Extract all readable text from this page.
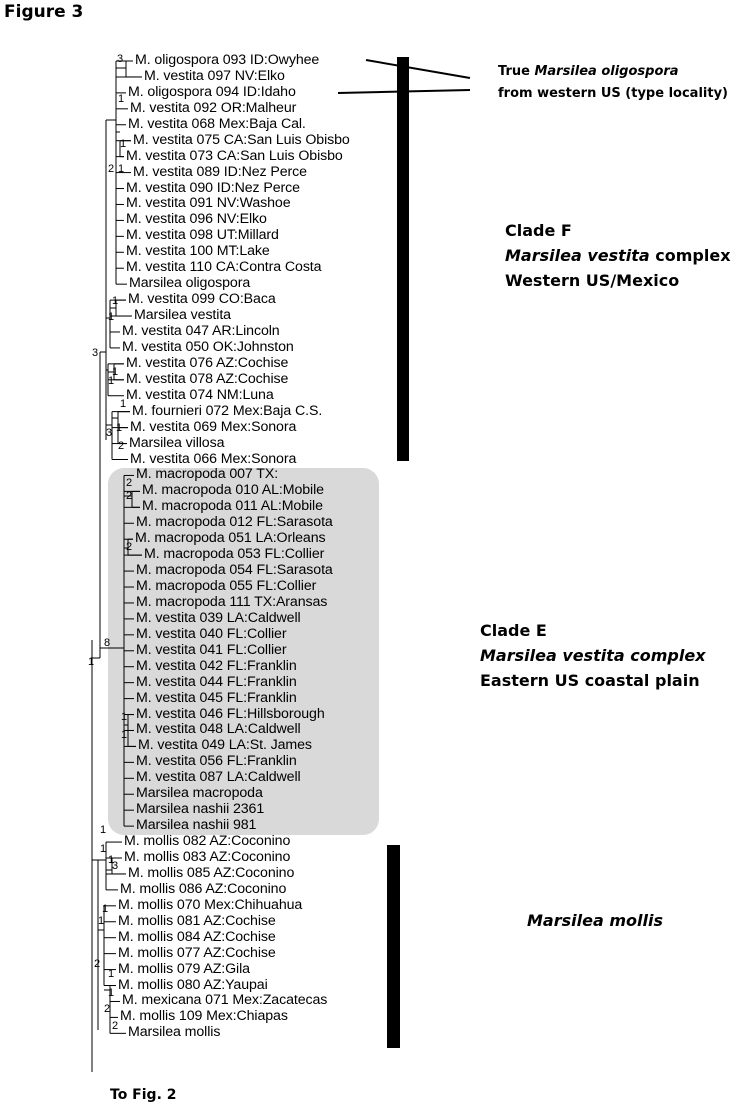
Figure 3
M. oligospora 093 ID:Owyhee
M. vestita 097 NV:Elko
M. oligospora 094 ID:Idaho
M. vestita 092 OR:Malheur
M. vestita 068 Mex:Baja Cal.
M. vestita 075 CA:San Luis Obisbo
M. vestita 073 CA:San Luis Obisbo
M. vestita 089 ID:Nez Perce
M. vestita 090 ID:Nez Perce
M. vestita 091 NV:Washoe
M. vestita 096 NV:Elko
M. vestita 098 UT:Millard
M. vestita 100 MT:Lake
M. vestita 110 CA:Contra Costa
Marsilea oligospora
M. vestita 099 CO:Baca
Marsilea vestita
M. vestita 047 AR:Lincoln
M. vestita 050 OK:Johnston
M. vestita 076 AZ:Cochise
M. vestita 078 AZ:Cochise
M. vestita 074 NM:Luna
M. fournieri 072 Mex:Baja C.S.
M. vestita 069 Mex:Sonora
Marsilea villosa
M. vestita 066 Mex:Sonora
M. macropoda 007 TX:
M. macropoda 010 AL:Mobile
M. macropoda 011 AL:Mobile
M. macropoda 012 FL:Sarasota
M. macropoda 051 LA:Orleans
M. macropoda 053 FL:Collier
M. macropoda 054 FL:Sarasota
M. macropoda 055 FL:Collier
M. macropoda 111 TX:Aransas
M. vestita 039 LA:Caldwell
M. vestita 040 FL:Collier
M. vestita 041 FL:Collier
M. vestita 042 FL:Franklin
M. vestita 044 FL:Franklin
M. vestita 045 FL:Franklin
M. vestita 046 FL:Hillsborough
M. vestita 048 LA:Caldwell
M. vestita 049 LA:St. James
M. vestita 056 FL:Franklin
M. vestita 087 LA:Caldwell
Marsilea macropoda
Marsilea nashii 2361
Marsilea nashii 981
M. mollis 082 AZ:Coconino
M. mollis 083 AZ:Coconino
M. mollis 085 AZ:Coconino
M. mollis 086 AZ:Coconino
M. mollis 070 Mex:Chihuahua
M. mollis 081 AZ:Cochise
M. mollis 084 AZ:Cochise
M. mollis 077 AZ:Cochise
M. mollis 079 AZ:Gila
M. mollis 080 AZ:Yaupai
M. mexicana 071 Mex:Zacatecas
M. mollis 109 Mex:Chiapas
Marsilea mollis
3
1
1
2 1
1
1
3
1
1
1
3 1
2
2
2
2
8
1
1
1
1
1
1
3
1
1
1
2
1
2
2
True Marsilea oligospora
from western US (type locality)
Clade F
Marsilea vestita complex
Western US/Mexico
Clade E
Marsilea vestita complex
Eastern US coastal plain
Marsilea mollis
To Fig. 2
